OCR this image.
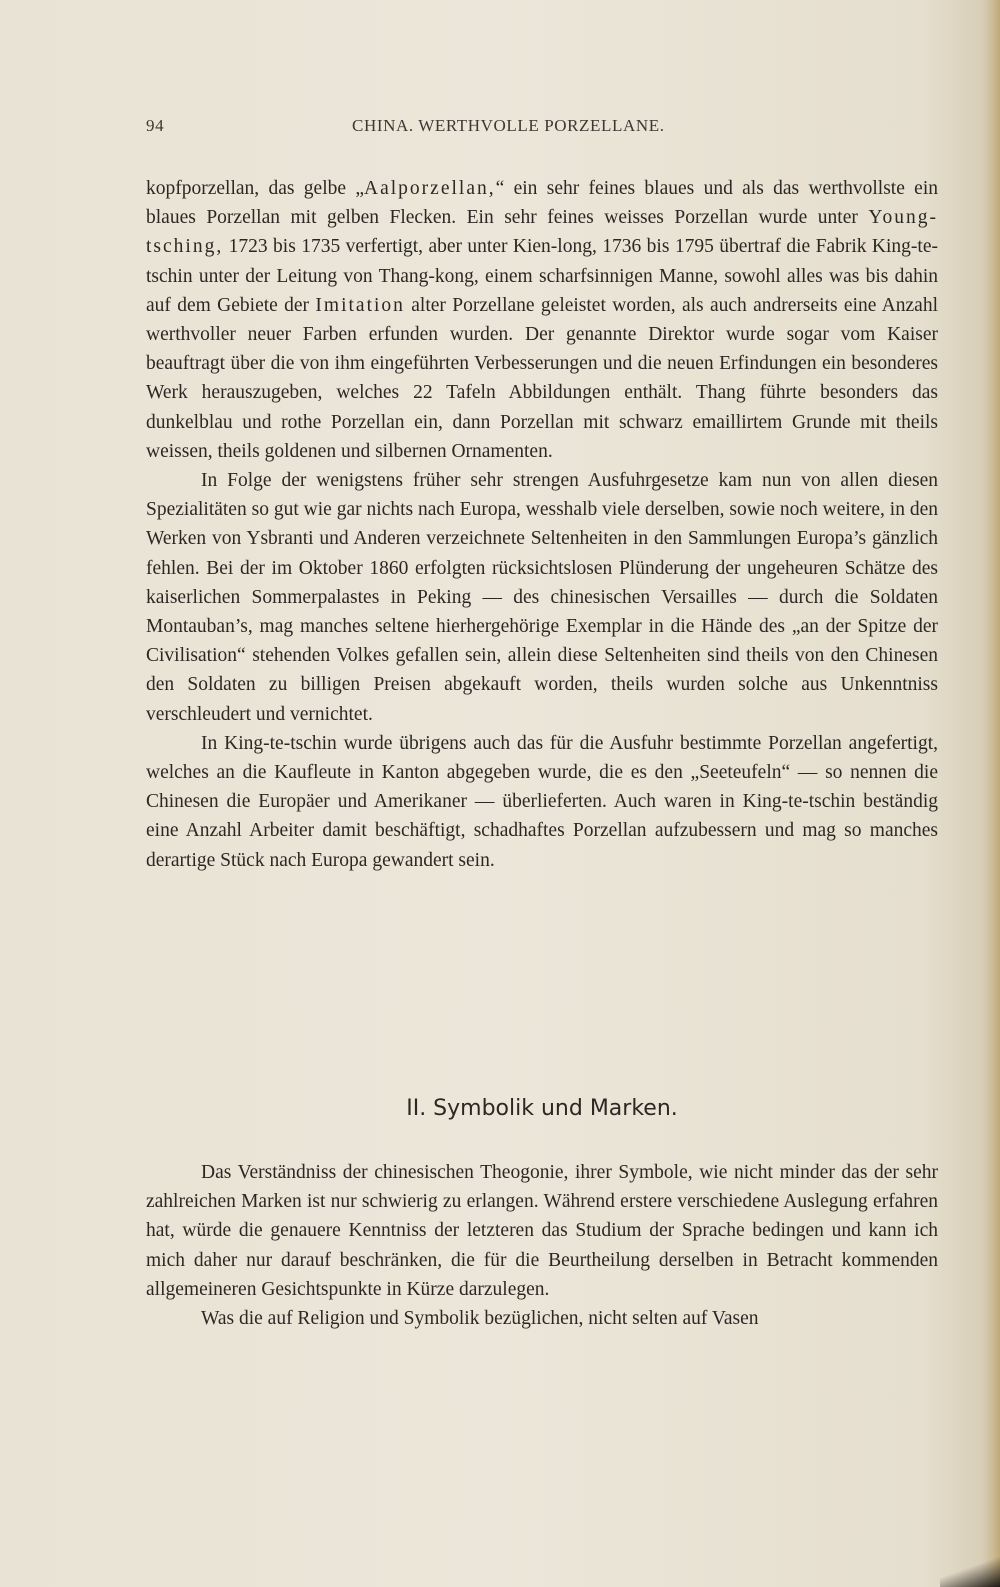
94	CHINA. WERTHVOLLE PORZELLANE.

kopfporzellan, das gelbe „Aalporzellan,“ ein sehr feines blaues und als das werthvollste ein blaues Porzellan mit gelben Flecken. Ein sehr feines weisses Porzellan wurde unter Young-tsching, 1723 bis 1735 verfertigt, aber unter Kien-long, 1736 bis 1795 übertraf die Fabrik King-te-tschin unter der Leitung von Thang-kong, einem scharfsinnigen Manne, sowohl alles was bis dahin auf dem Gebiete der Imitation alter Porzellane geleistet worden, als auch andrerseits eine Anzahl werthvoller neuer Farben erfunden wurden. Der genannte Direktor wurde sogar vom Kaiser beauftragt über die von ihm eingeführten Verbesserungen und die neuen Erfindungen ein besonderes Werk herauszugeben, welches 22 Tafeln Abbildungen enthält. Thang führte besonders das dunkelblau und rothe Porzellan ein, dann Porzellan mit schwarz emaillirtem Grunde mit theils weissen, theils goldenen und silbernen Ornamenten.

In Folge der wenigstens früher sehr strengen Ausfuhrgesetze kam nun von allen diesen Spezialitäten so gut wie gar nichts nach Europa, wesshalb viele derselben, sowie noch weitere, in den Werken von Ysbranti und Anderen verzeichnete Seltenheiten in den Sammlungen Europa’s gänzlich fehlen. Bei der im Oktober 1860 erfolgten rücksichtslosen Plünderung der ungeheuren Schätze des kaiserlichen Sommerpalastes in Peking — des chinesischen Versailles — durch die Soldaten Montauban’s, mag manches seltene hierhergehörige Exemplar in die Hände des „an der Spitze der Civilisation“ stehenden Volkes gefallen sein, allein diese Seltenheiten sind theils von den Chinesen den Soldaten zu billigen Preisen abgekauft worden, theils wurden solche aus Unkenntniss verschleudert und vernichtet.

In King-te-tschin wurde übrigens auch das für die Ausfuhr bestimmte Porzellan angefertigt, welches an die Kaufleute in Kanton abgegeben wurde, die es den „Seeteufeln“ — so nennen die Chinesen die Europäer und Amerikaner — überlieferten. Auch waren in King-te-tschin beständig eine Anzahl Arbeiter damit beschäftigt, schadhaftes Porzellan aufzubessern und mag so manches derartige Stück nach Europa gewandert sein.

II. Symbolik und Marken.

Das Verständniss der chinesischen Theogonie, ihrer Symbole, wie nicht minder das der sehr zahlreichen Marken ist nur schwierig zu erlangen. Während erstere verschiedene Auslegung erfahren hat, würde die genauere Kenntniss der letzteren das Studium der Sprache bedingen und kann ich mich daher nur darauf beschränken, die für die Beurtheilung derselben in Betracht kommenden allgemeineren Gesichtspunkte in Kürze darzulegen.

Was die auf Religion und Symbolik bezüglichen, nicht selten auf Vasen
